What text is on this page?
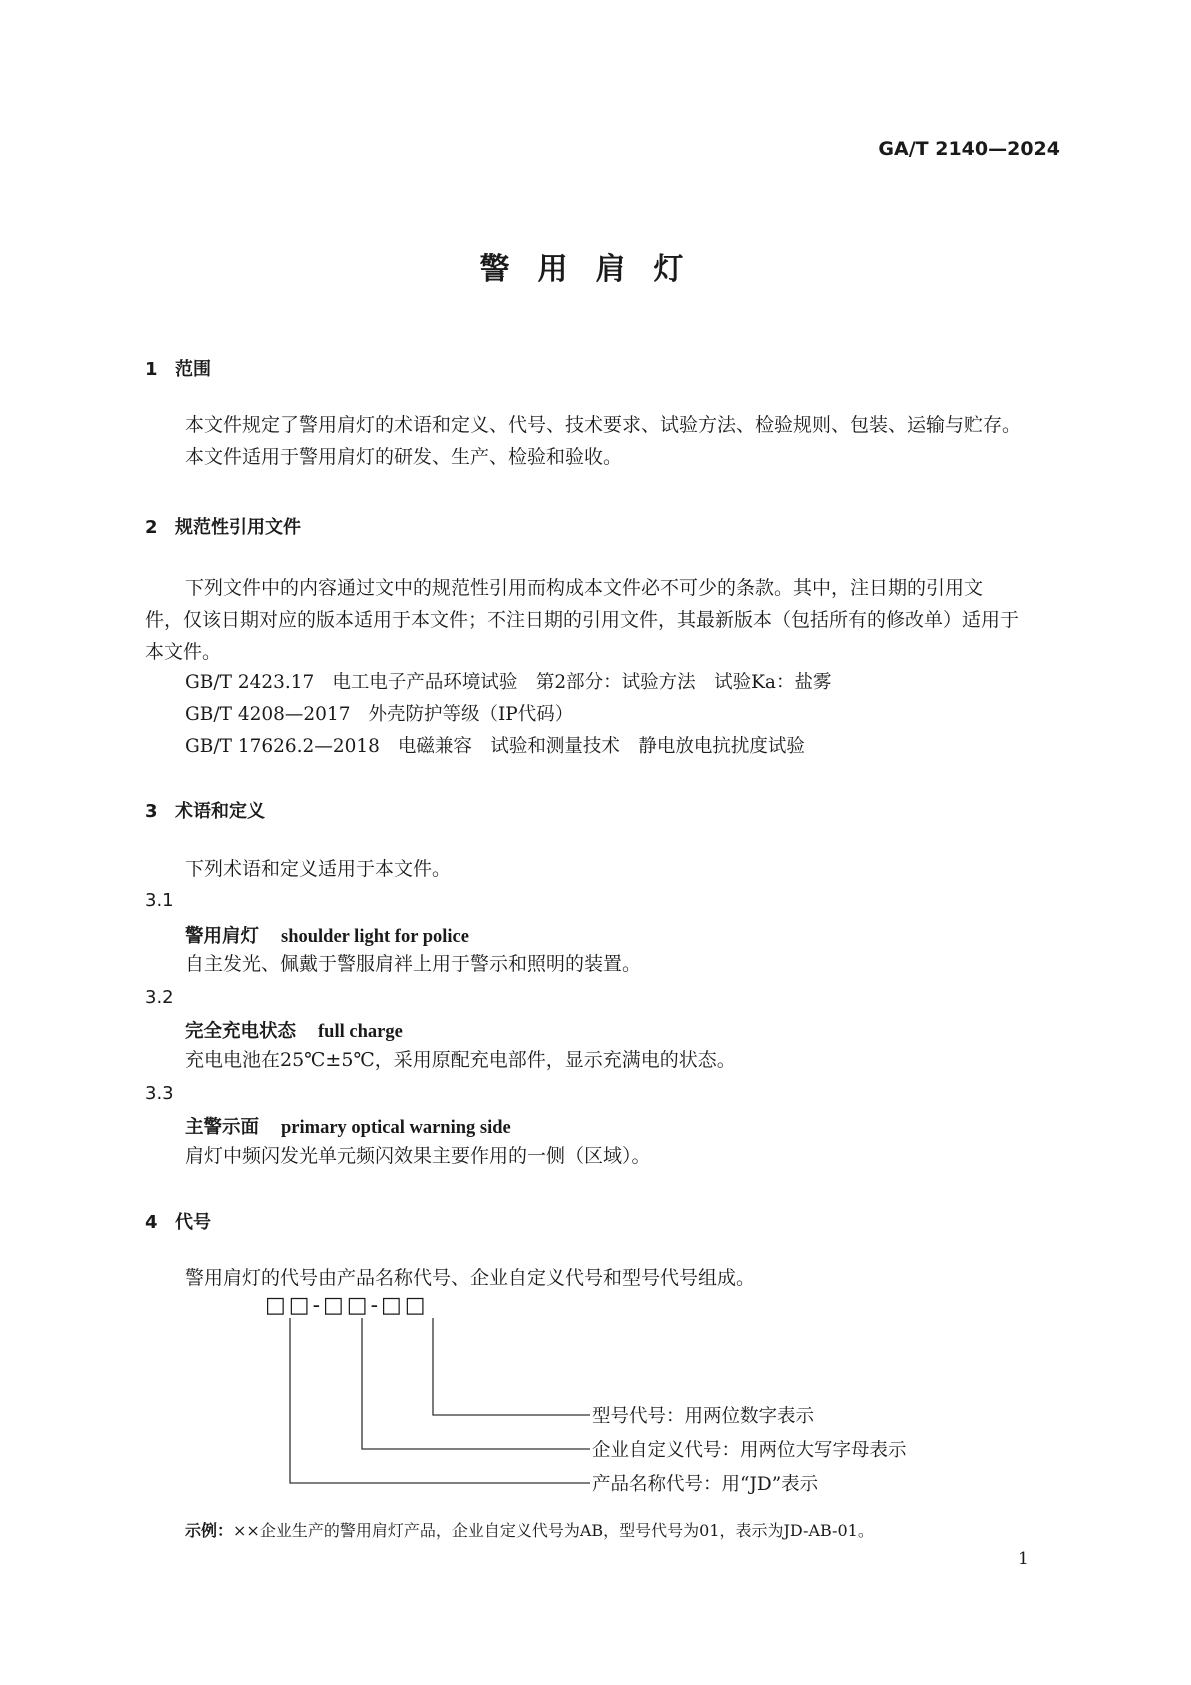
GA/T 2140—2024
警用肩灯
1 范围
本文件规定了警用肩灯的术语和定义、代号、技术要求、试验方法、检验规则、包装、运输与贮存。
本文件适用于警用肩灯的研发、生产、检验和验收。
2 规范性引用文件
下列文件中的内容通过文中的规范性引用而构成本文件必不可少的条款。其中，注日期的引用文
件，仅该日期对应的版本适用于本文件；不注日期的引用文件，其最新版本（包括所有的修改单）适用于
本文件。
GB/T 2423.17 电工电子产品环境试验　第2部分：试验方法　试验Ka：盐雾
GB/T 4208—2017 外壳防护等级（IP代码）
GB/T 17626.2—2018 电磁兼容　试验和测量技术　静电放电抗扰度试验
3 术语和定义
下列术语和定义适用于本文件。
3.1
警用肩灯 shoulder light for police
自主发光、佩戴于警服肩袢上用于警示和照明的装置。
3.2
完全充电状态 full charge
充电电池在25℃±5℃，采用原配充电部件，显示充满电的状态。
3.3
主警示面 primary optical warning side
肩灯中频闪发光单元频闪效果主要作用的一侧（区域）。
4 代号
警用肩灯的代号由产品名称代号、企业自定义代号和型号代号组成。
□□-□□-□□
型号代号：用两位数字表示
企业自定义代号：用两位大写字母表示
产品名称代号：用“JD”表示
示例：××企业生产的警用肩灯产品，企业自定义代号为AB，型号代号为01，表示为JD-AB-01。
1
